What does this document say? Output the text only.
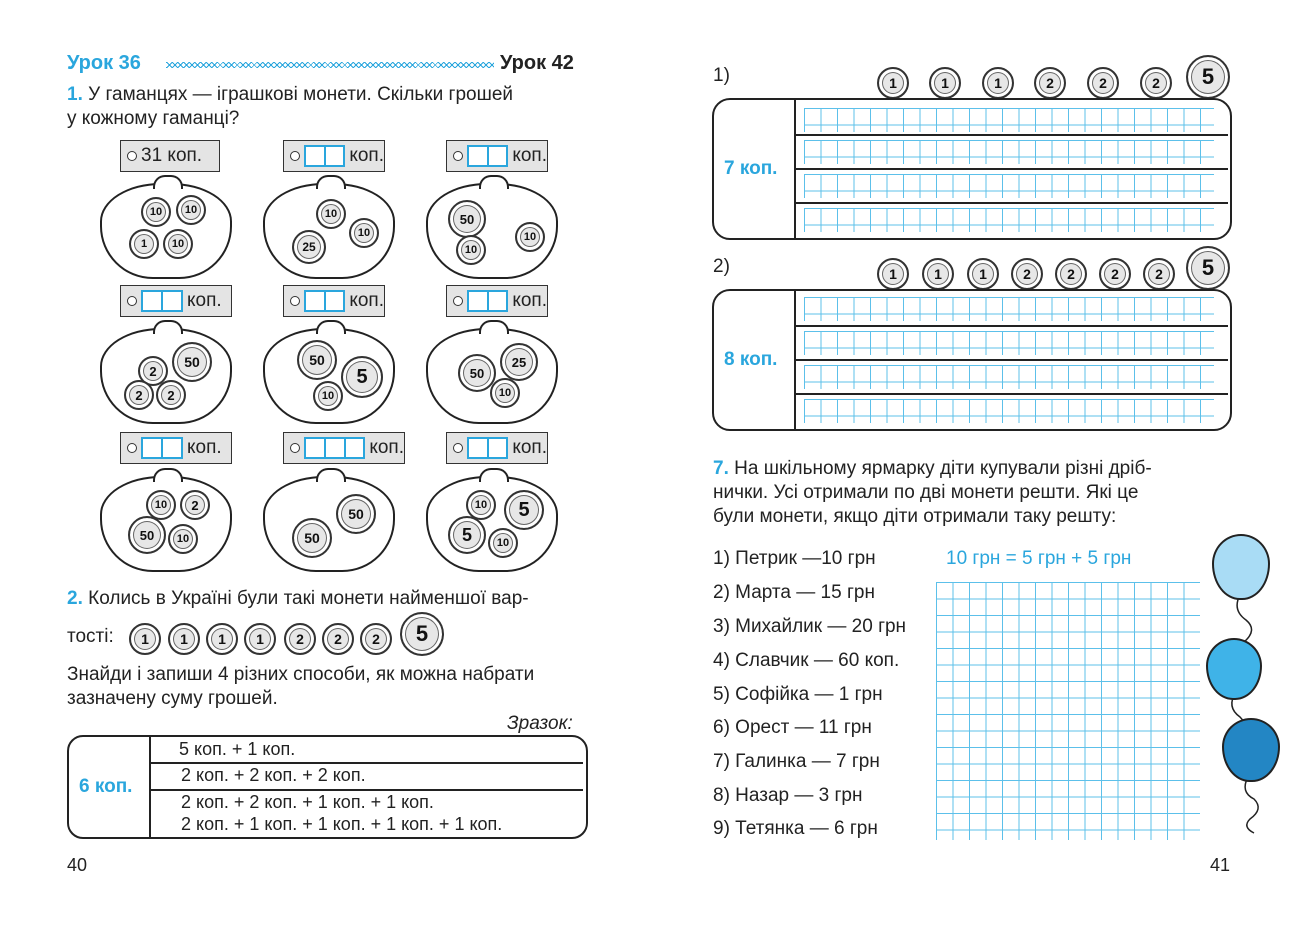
Урок 36	Урок 42
1. У гаманцях — іграшкові монети. Скільки грошей
у кожному гаманці?
31 коп.	коп.	коп.
10	10
1	10
10
10
25
50
10
10
коп.	коп.	коп.
50
2
2	2
50
5
10
25
50
10
коп.	коп.	коп.
10	2
50	10
50
50
10	5
5	10
2. Колись в Україні були такі монети найменшої вар-
тості:	1	1	1	1	2	2	2	5
Знайди і запиши 4 різних способи, як можна набрати
зазначену суму грошей.
Зразок:
6 коп.
5 коп. + 1 коп.
2 коп. + 2 коп. + 2 коп.
2 коп. + 2 коп. + 1 коп. + 1 коп.
2 коп. + 1 коп. + 1 коп. + 1 коп. + 1 коп.
40
1)	1	1	1	2	2	2	5
7 коп.
2)	1	1	1	2	2	2	2	5
8 коп.
7. На шкільному ярмарку діти купували різні дріб-
нички. Усі отримали по дві монети решти. Які це
були монети, якщо діти отримали таку решту:
1) Петрик —10 грн	10 грн = 5 грн + 5 грн
2) Марта — 15 грн
3) Михайлик — 20 грн
4) Славчик — 60 коп.
5) Софійка — 1 грн
6) Орест — 11 грн
7) Галинка — 7 грн
8) Назар — 3 грн
9) Тетянка — 6 грн
41
